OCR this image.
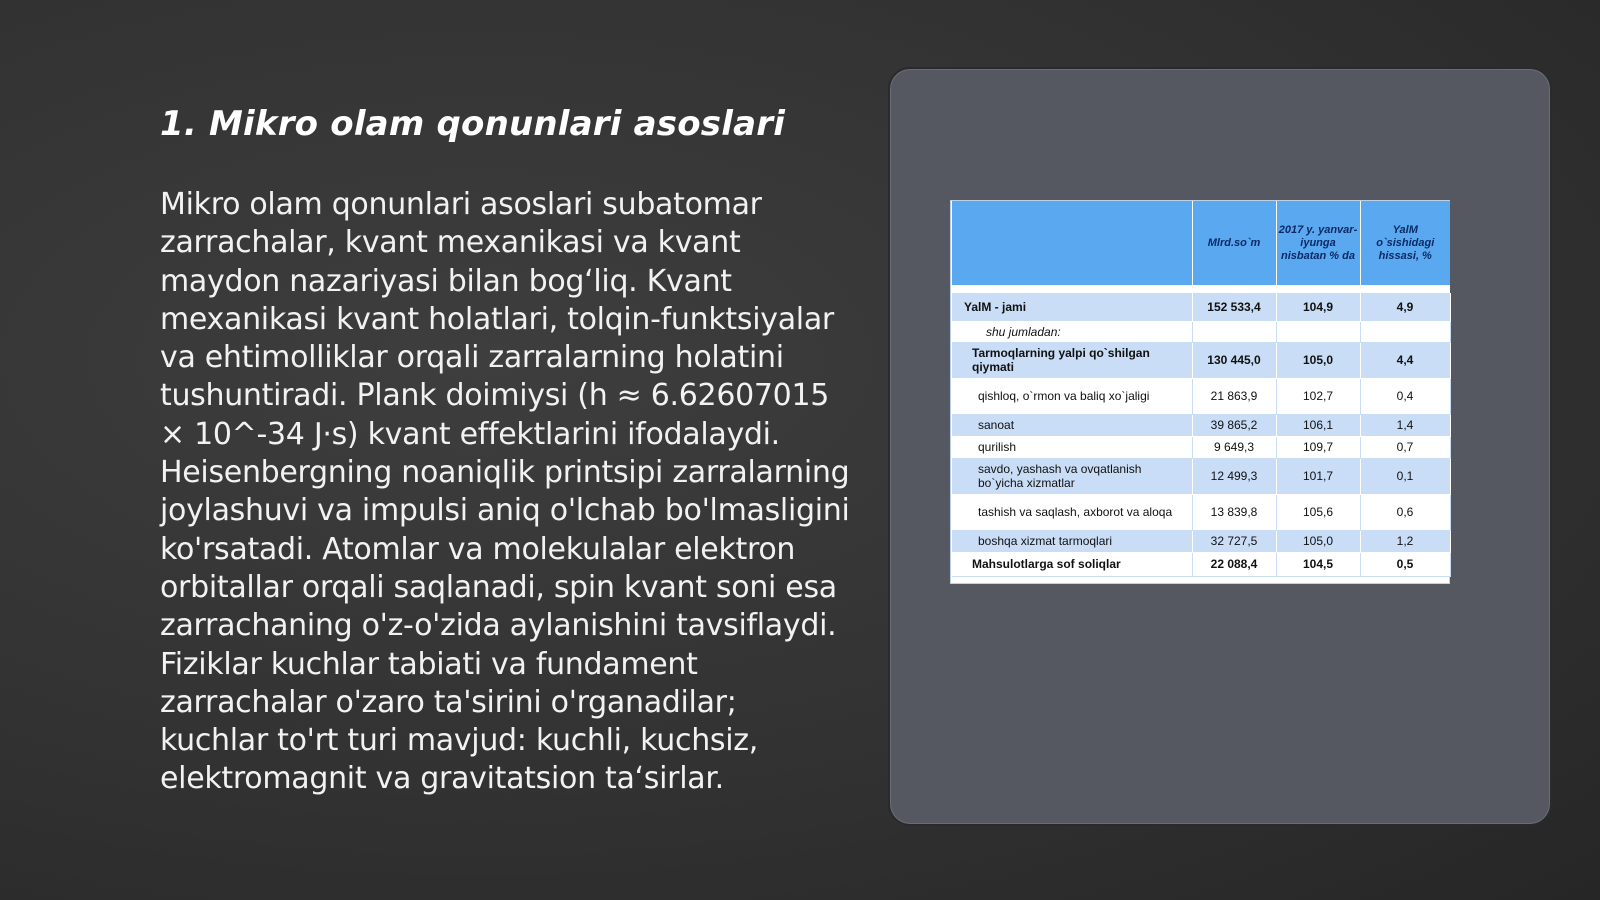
1. Mikro olam qonunlari asoslari

Mikro olam qonunlari asoslari subatomar zarrachalar, kvant mexanikasi va kvant maydon nazariyasi bilan bog‘liq. Kvant mexanikasi kvant holatlari, tolqin-funktsiyalar va ehtimolliklar orqali zarralarning holatini tushuntiradi. Plank doimiysi (h ≈ 6.62607015 × 10^-34 J·s) kvant effektlarini ifodalaydi. Heisenbergning noaniqlik printsipi zarralarning joylashuvi va impulsi aniq o'lchab bo'lmasligini ko'rsatadi. Atomlar va molekulalar elektron orbitallar orqali saqlanadi, spin kvant soni esa zarrachaning o'z-o'zida aylanishini tavsiflaydi. Fiziklar kuchlar tabiati va fundament zarrachalar o'zaro ta'sirini o'rganadilar; kuchlar to'rt turi mavjud: kuchli, kuchsiz, elektromagnit va gravitatsion ta‘sirlar.

	Mlrd.so`m	2017 y. yanvar-iyunga nisbatan % da	YalM o`sishidagi hissasi, %

YalM - jami	152 533,4	104,9	4,9
shu jumladan:			
Tarmoqlarning yalpi qo`shilgan qiymati	130 445,0	105,0	4,4
qishloq, o`rmon va baliq xo`jaligi	21 863,9	102,7	0,4
sanoat	39 865,2	106,1	1,4
qurilish	9 649,3	109,7	0,7
savdo, yashash va ovqatlanish bo`yicha xizmatlar	12 499,3	101,7	0,1
tashish va saqlash, axborot va aloqa	13 839,8	105,6	0,6
boshqa xizmat tarmoqlari	32 727,5	105,0	1,2
Mahsulotlarga sof soliqlar	22 088,4	104,5	0,5
